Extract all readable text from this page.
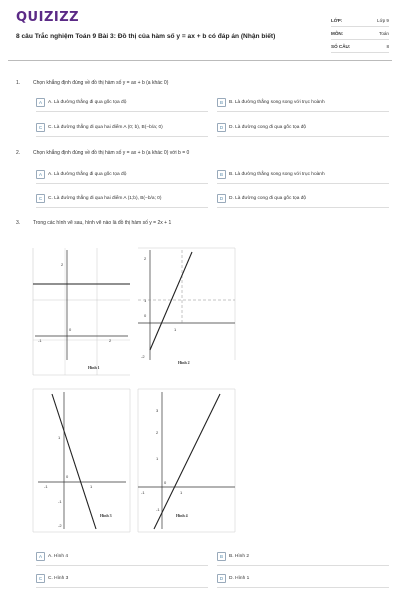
QUIZIZZ
8 câu Trắc nghiệm Toán 9 Bài 3: Đồ thị của hàm số y = ax + b có đáp án (Nhận biết)
LỚP:	Lớp 9
MÔN:	Toán
SỐ CÂU:	8
1.	Chọn khẳng định đúng về đồ thị hàm số y = ax + b (a khác 0)
A	A. Là đường thẳng đi qua gốc tọa độ	B	B. Là đường thẳng song song với trục hoành
C	C. Là đường thẳng đi qua hai điểm A (0; b), B(−b/a; 0)	D	D. Là đường cong đi qua gốc tọa độ
2.	Chọn khẳng định đúng về đồ thị hàm số y = ax + b (a khác 0) với b = 0
A	A. Là đường thẳng đi qua gốc tọa độ	B	B. Là đường thẳng song song với trục hoành
C	C. Là đường thẳng đi qua hai điểm A (1;b), B(−b/a; 0)	D	D. Là đường cong đi qua gốc tọa độ
3.	Trong các hình vẽ sau, hình vẽ nào là đồ thị hàm số y = 2x + 1
2
0
-1	2
Hình 1
2
1
0
1
-2
Hình 2
1
0
-1
-2
-1	1
Hình 3
3
2
1
0
-1	1
-1
Hình 4
A	A. Hình 4	B	B. Hình 2
C	C. Hình 3	D	D. Hình 1
